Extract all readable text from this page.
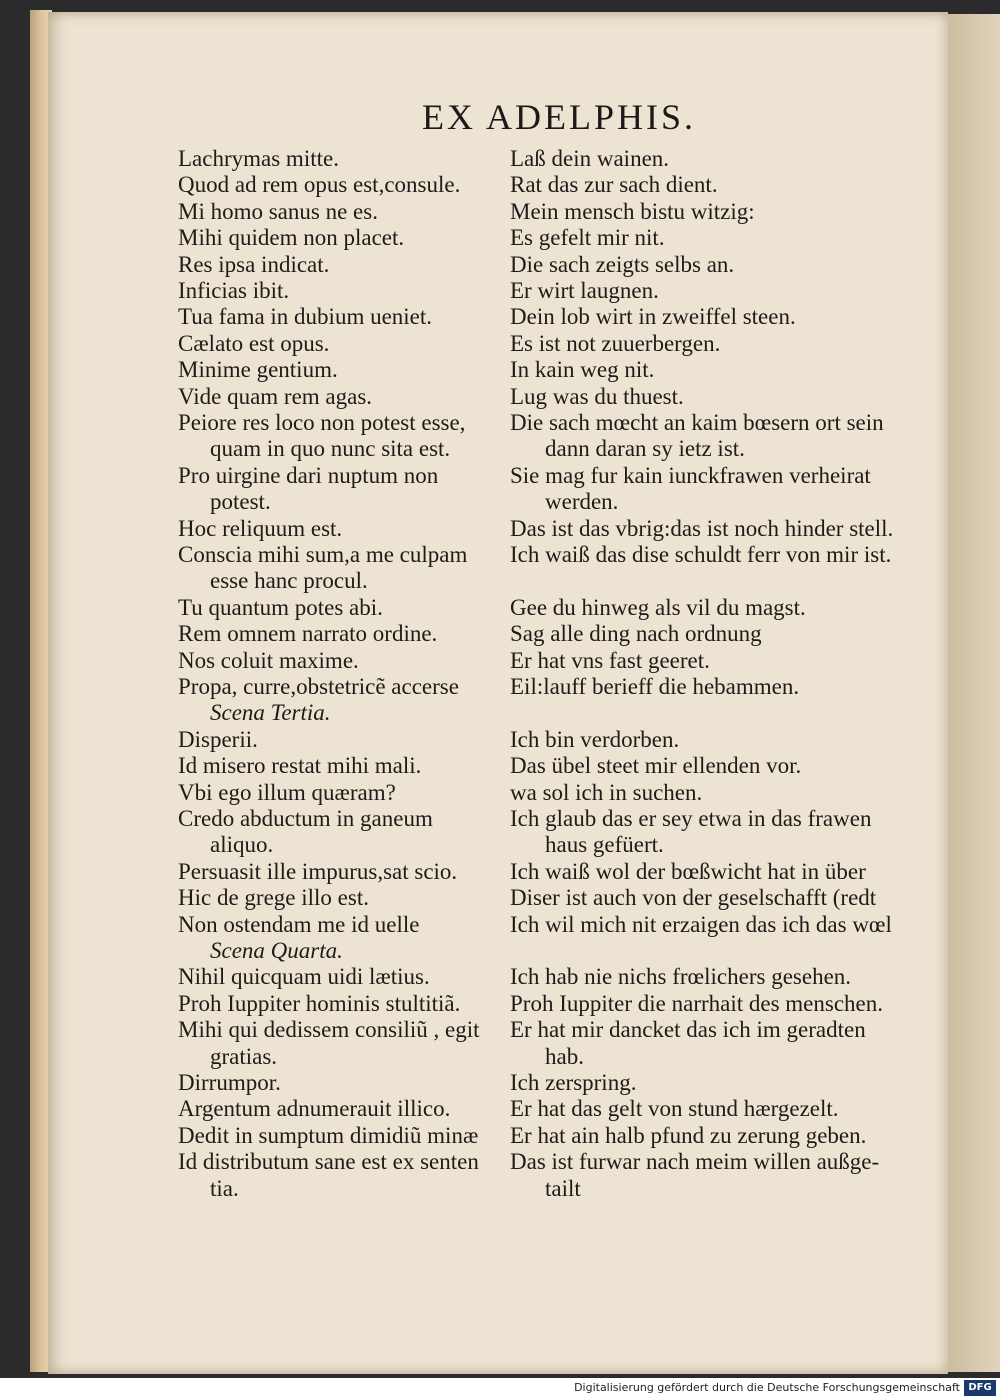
EX ADELPHIS.
Lachrymas mitte.	Laß dein wainen.
Quod ad rem opus est,consule.	Rat das zur sach dient.
Mi homo sanus ne es.	Mein mensch bistu witzig:
Mihi quidem non placet.	Es gefelt mir nit.
Res ipsa indicat.	Die sach zeigts selbs an.
Inficias ibit.	Er wirt laugnen.
Tua fama in dubium ueniet.	Dein lob wirt in zweiffel steen.
Cælato est opus.	Es ist not zuuerbergen.
Minime gentium.	In kain weg nit.
Vide quam rem agas.	Lug was du thuest.
Peiore res loco non potest esse,	Die sach mœcht an kaim bœsern ort sein
quam in quo nunc sita est.	dann daran sy ietz ist.
Pro uirgine dari nuptum non	Sie mag fur kain iunckfrawen verheirat
potest.	werden.
Hoc reliquum est.	Das ist das vbrig:das ist noch hinder stell.
Conscia mihi sum,a me culpam	Ich waiß das dise schuldt ferr von mir ist.
esse hanc procul.
Tu quantum potes abi.	Gee du hinweg als vil du magst.
Rem omnem narrato ordine.	Sag alle ding nach ordnung
Nos coluit maxime.	Er hat vns fast geeret.
Propa, curre,obstetricẽ accerse	Eil:lauff berieff die hebammen.
Scena Tertia.
Disperii.	Ich bin verdorben.
Id misero restat mihi mali.	Das übel steet mir ellenden vor.
Vbi ego illum quæram?	wa sol ich in suchen.
Credo abductum in ganeum	Ich glaub das er sey etwa in das frawen
aliquo.	haus gefüert.
Persuasit ille impurus,sat scio.	Ich waiß wol der bœßwicht hat in über
Hic de grege illo est.	Diser ist auch von der geselschafft (redt
Non ostendam me id uelle	Ich wil mich nit erzaigen das ich das wœl
Scena Quarta.
Nihil quicquam uidi lætius.	Ich hab nie nichs frœlichers gesehen.
Proh Iuppiter hominis stultitiã.	Proh Iuppiter die narrhait des menschen.
Mihi qui dedissem consiliũ , egit	Er hat mir dancket das ich im geradten
gratias.	hab.
Dirrumpor.	Ich zerspring.
Argentum adnumerauit illico.	Er hat das gelt von stund hærgezelt.
Dedit in sumptum dimidiũ minæ	Er hat ain halb pfund zu zerung geben.
Id distributum sane est ex senten	Das ist furwar nach meim willen außge-
tia.	tailt
Digitalisierung gefördert durch die Deutsche Forschungsgemeinschaft DFG
